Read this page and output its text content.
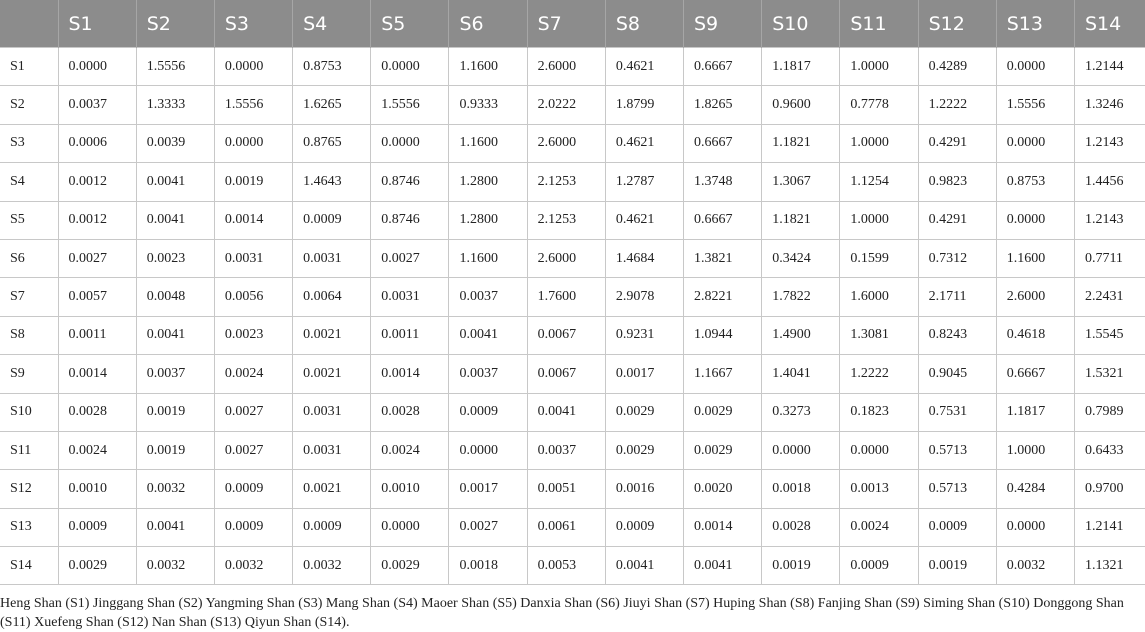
	S1	S2	S3	S4	S5	S6	S7	S8	S9	S10	S11	S12	S13	S14
S1	0.0000	1.5556	0.0000	0.8753	0.0000	1.1600	2.6000	0.4621	0.6667	1.1817	1.0000	0.4289	0.0000	1.2144
S2	0.0037	1.3333	1.5556	1.6265	1.5556	0.9333	2.0222	1.8799	1.8265	0.9600	0.7778	1.2222	1.5556	1.3246
S3	0.0006	0.0039	0.0000	0.8765	0.0000	1.1600	2.6000	0.4621	0.6667	1.1821	1.0000	0.4291	0.0000	1.2143
S4	0.0012	0.0041	0.0019	1.4643	0.8746	1.2800	2.1253	1.2787	1.3748	1.3067	1.1254	0.9823	0.8753	1.4456
S5	0.0012	0.0041	0.0014	0.0009	0.8746	1.2800	2.1253	0.4621	0.6667	1.1821	1.0000	0.4291	0.0000	1.2143
S6	0.0027	0.0023	0.0031	0.0031	0.0027	1.1600	2.6000	1.4684	1.3821	0.3424	0.1599	0.7312	1.1600	0.7711
S7	0.0057	0.0048	0.0056	0.0064	0.0031	0.0037	1.7600	2.9078	2.8221	1.7822	1.6000	2.1711	2.6000	2.2431
S8	0.0011	0.0041	0.0023	0.0021	0.0011	0.0041	0.0067	0.9231	1.0944	1.4900	1.3081	0.8243	0.4618	1.5545
S9	0.0014	0.0037	0.0024	0.0021	0.0014	0.0037	0.0067	0.0017	1.1667	1.4041	1.2222	0.9045	0.6667	1.5321
S10	0.0028	0.0019	0.0027	0.0031	0.0028	0.0009	0.0041	0.0029	0.0029	0.3273	0.1823	0.7531	1.1817	0.7989
S11	0.0024	0.0019	0.0027	0.0031	0.0024	0.0000	0.0037	0.0029	0.0029	0.0000	0.0000	0.5713	1.0000	0.6433
S12	0.0010	0.0032	0.0009	0.0021	0.0010	0.0017	0.0051	0.0016	0.0020	0.0018	0.0013	0.5713	0.4284	0.9700
S13	0.0009	0.0041	0.0009	0.0009	0.0000	0.0027	0.0061	0.0009	0.0014	0.0028	0.0024	0.0009	0.0000	1.2141
S14	0.0029	0.0032	0.0032	0.0032	0.0029	0.0018	0.0053	0.0041	0.0041	0.0019	0.0009	0.0019	0.0032	1.1321
Heng Shan (S1) Jinggang Shan (S2) Yangming Shan (S3) Mang Shan (S4) Maoer Shan (S5) Danxia Shan (S6) Jiuyi Shan (S7) Huping Shan (S8) Fanjing Shan (S9) Siming Shan (S10) Donggong Shan (S11) Xuefeng Shan (S12) Nan Shan (S13) Qiyun Shan (S14).
